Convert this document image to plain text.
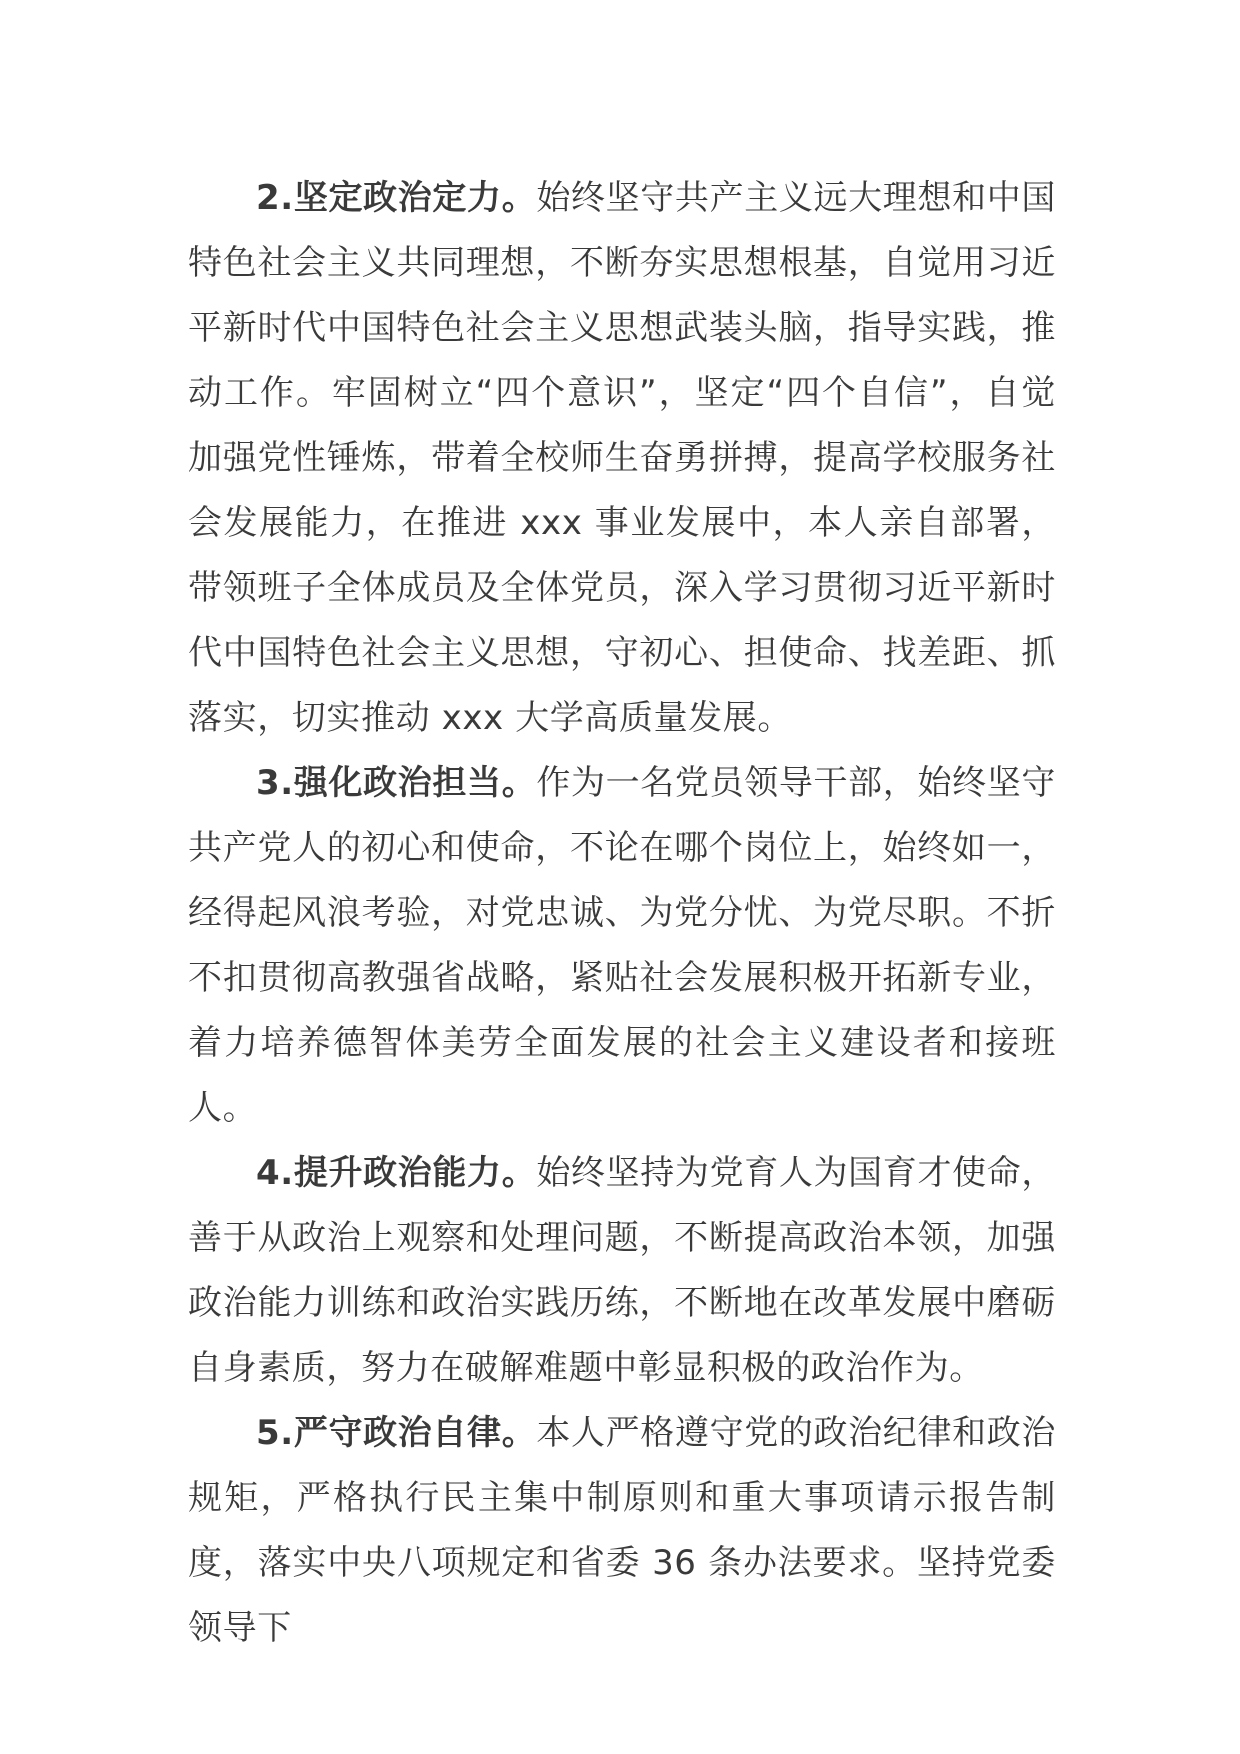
2.坚定政治定力。始终坚守共产主义远大理想和中国特色社会主义共同理想，不断夯实思想根基，自觉用习近平新时代中国特色社会主义思想武装头脑，指导实践，推动工作。牢固树立“四个意识”，坚定“四个自信”，自觉加强党性锤炼，带着全校师生奋勇拼搏，提高学校服务社会发展能力，在推进 xxx 事业发展中，本人亲自部署，带领班子全体成员及全体党员，深入学习贯彻习近平新时代中国特色社会主义思想，守初心、担使命、找差距、抓落实，切实推动 xxx 大学高质量发展。

3.强化政治担当。作为一名党员领导干部，始终坚守共产党人的初心和使命，不论在哪个岗位上，始终如一，经得起风浪考验，对党忠诚、为党分忧、为党尽职。不折不扣贯彻高教强省战略，紧贴社会发展积极开拓新专业，着力培养德智体美劳全面发展的社会主义建设者和接班人。

4.提升政治能力。始终坚持为党育人为国育才使命，善于从政治上观察和处理问题，不断提高政治本领，加强政治能力训练和政治实践历练，不断地在改革发展中磨砺自身素质，努力在破解难题中彰显积极的政治作为。

5.严守政治自律。本人严格遵守党的政治纪律和政治规矩，严格执行民主集中制原则和重大事项请示报告制度，落实中央八项规定和省委 36 条办法要求。坚持党委领导下
